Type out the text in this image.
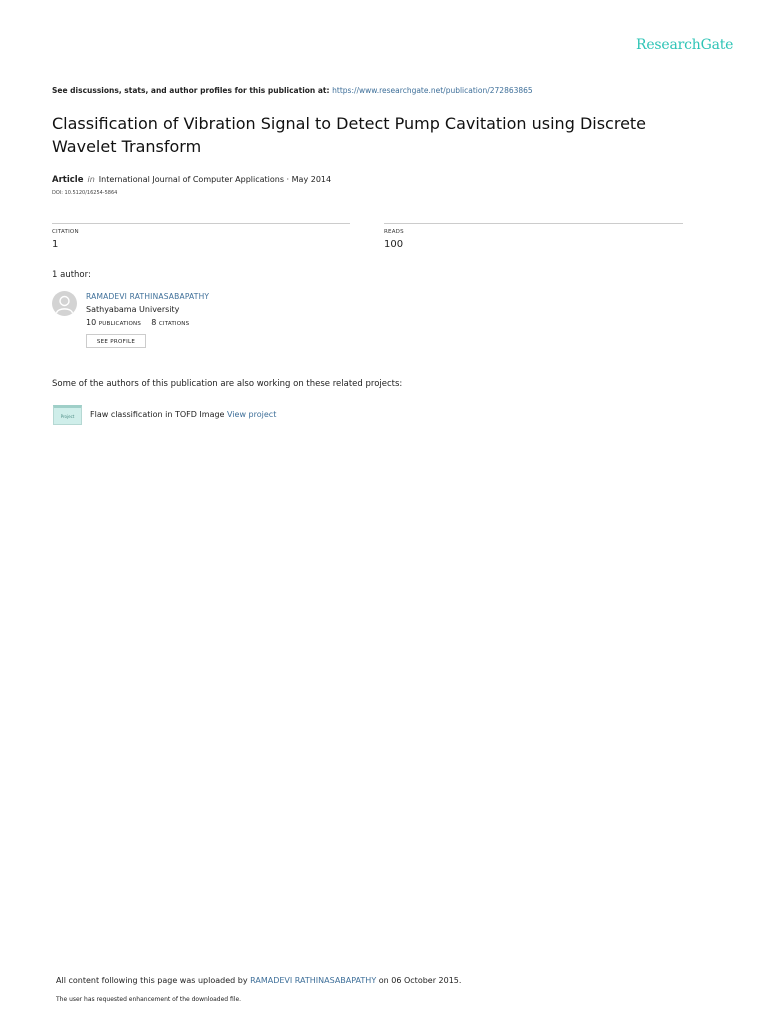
ResearchGate
See discussions, stats, and author profiles for this publication at: https://www.researchgate.net/publication/272863865
Classification of Vibration Signal to Detect Pump Cavitation using Discrete Wavelet Transform
Article in International Journal of Computer Applications · May 2014
DOI: 10.5120/16254-5864
CITATION
1
READS
100
1 author:
RAMADEVI RATHINASABAPATHY
Sathyabama University
10 PUBLICATIONS 8 CITATIONS
SEE PROFILE
Some of the authors of this publication are also working on these related projects:
Project	Flaw classification in TOFD Image View project
All content following this page was uploaded by RAMADEVI RATHINASABAPATHY on 06 October 2015.
The user has requested enhancement of the downloaded file.
